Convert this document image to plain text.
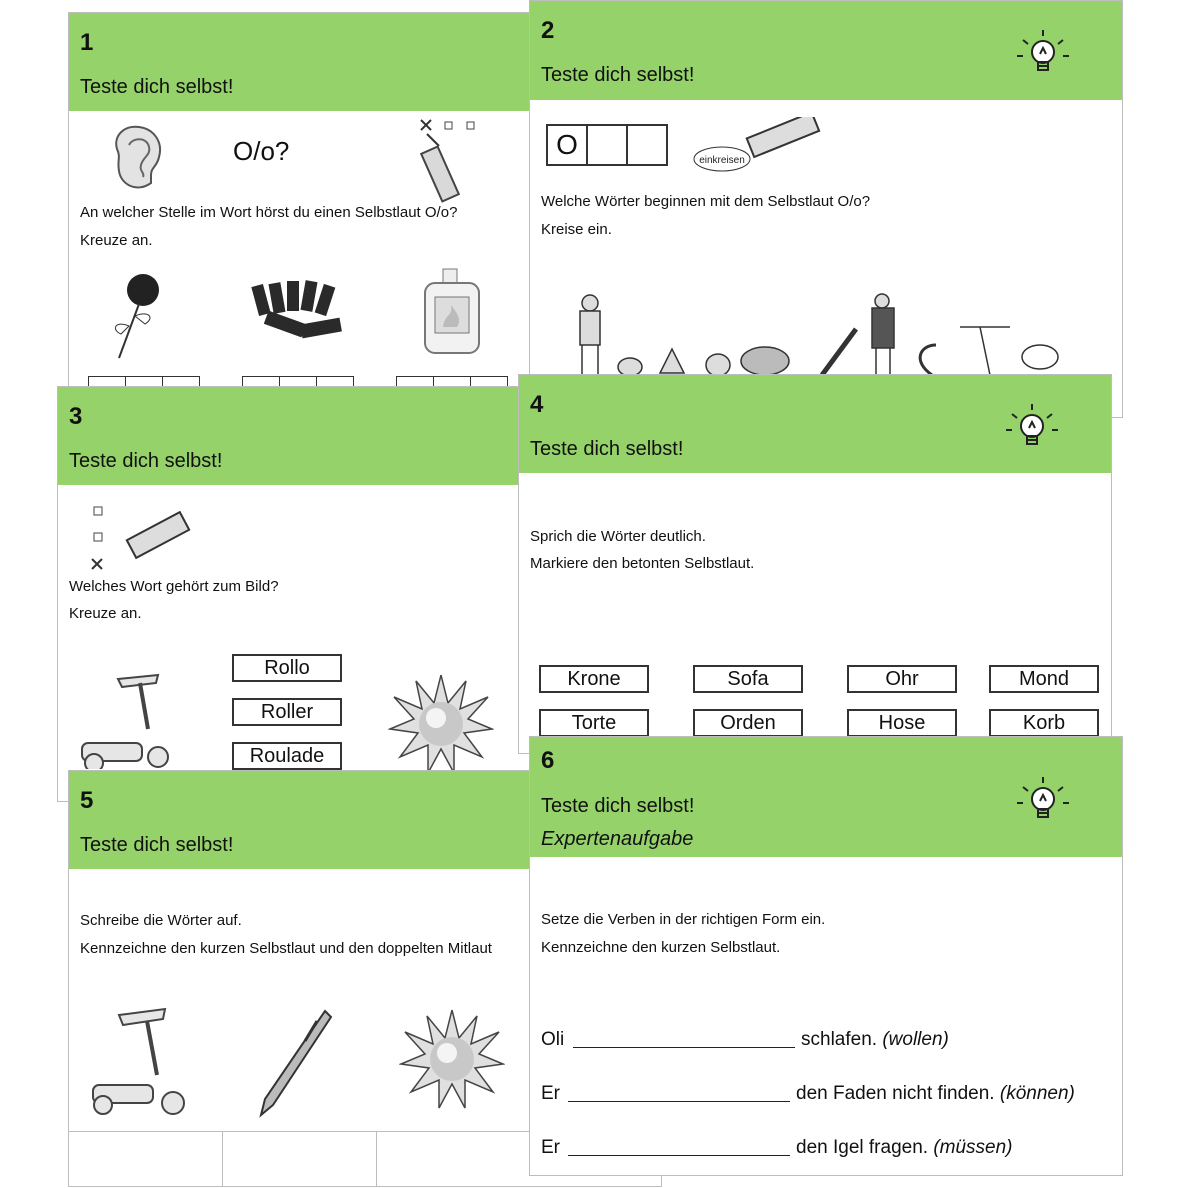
1
Teste dich selbst!
O/o?
An welcher Stelle im Wort hörst du einen Selbstlaut O/o?
Kreuze an.
2
Teste dich selbst!
O
einkreisen
Welche Wörter beginnen mit dem Selbstlaut O/o?
Kreise ein.
3
Teste dich selbst!
Welches Wort gehört zum Bild?
Kreuze an.
Rollo
Roller
Roulade
4
Teste dich selbst!
Sprich die Wörter deutlich.
Markiere den betonten Selbstlaut.
Krone	Sofa	Ohr	Mond
Torte	Orden	Hose	Korb
5
Teste dich selbst!
Schreibe die Wörter auf.
Kennzeichne den kurzen Selbstlaut und den doppelten Mitlaut
6
Teste dich selbst!
Expertenaufgabe
Setze die Verben in der richtigen Form ein.
Kennzeichne den kurzen Selbstlaut.
Oli	schlafen. (wollen)
Er	den Faden nicht finden. (können)
Er	den Igel fragen. (müssen)
